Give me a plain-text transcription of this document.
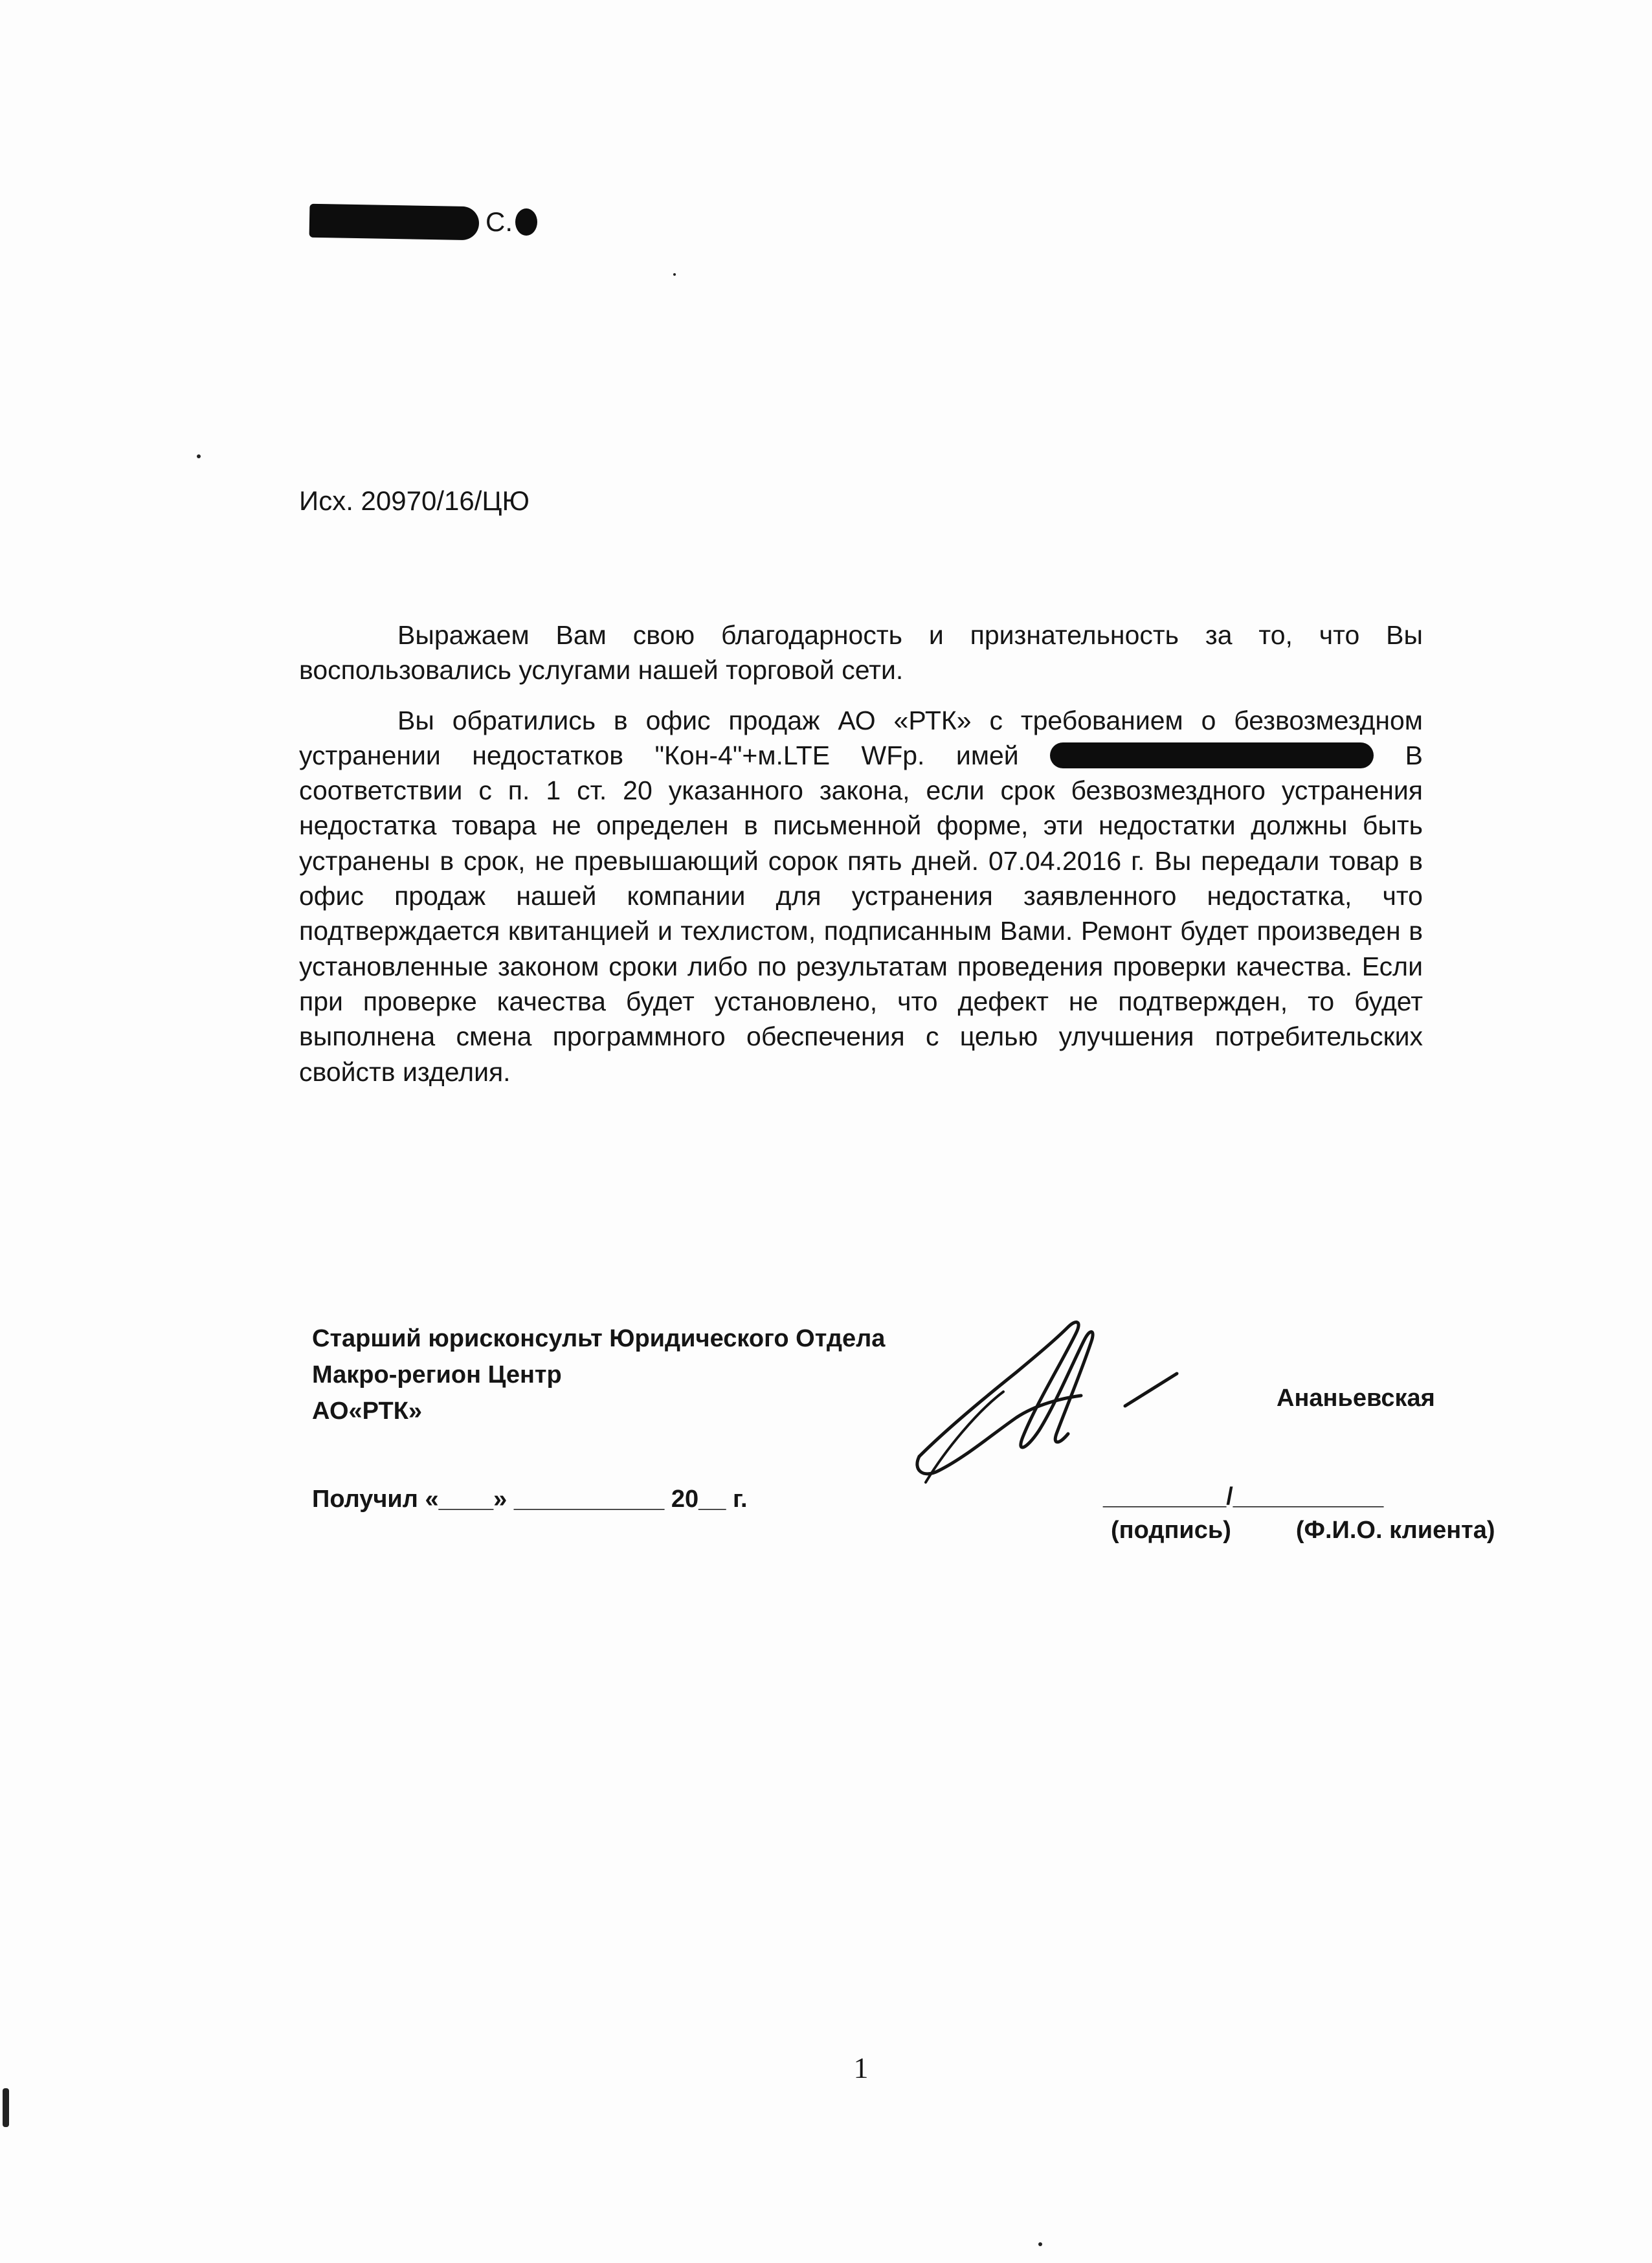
С.
Исх. 20970/16/ЦЮ

Выражаем Вам свою благодарность и признательность за то, что Вы воспользовались услугами нашей торговой сети.

Вы обратились в офис продаж АО «РТК» с требованием о безвозмездном устранении недостатков "Кон-4"+м.LTE WFр. имей	В соответствии с п. 1 ст. 20 указанного закона, если срок безвозмездного устранения недостатка товара не определен в письменной форме, эти недостатки должны быть устранены в срок, не превышающий сорок пять дней. 07.04.2016 г. Вы передали товар в офис продаж нашей компании для устранения заявленного недостатка, что подтверждается квитанцией и техлистом, подписанным Вами. Ремонт будет произведен в установленные законом сроки либо по результатам проведения проверки качества. Если при проверке качества будет установлено, что дефект не подтвержден, то будет выполнена смена программного обеспечения с целью улучшения потребительских свойств изделия.

Старший юрисконсульт Юридического Отдела
Макро-регион Центр
АО«РТК»	Ананьевская
Получил «____» ___________ 20__ г.	_________/___________
(подпись)	(Ф.И.О. клиента)
1
